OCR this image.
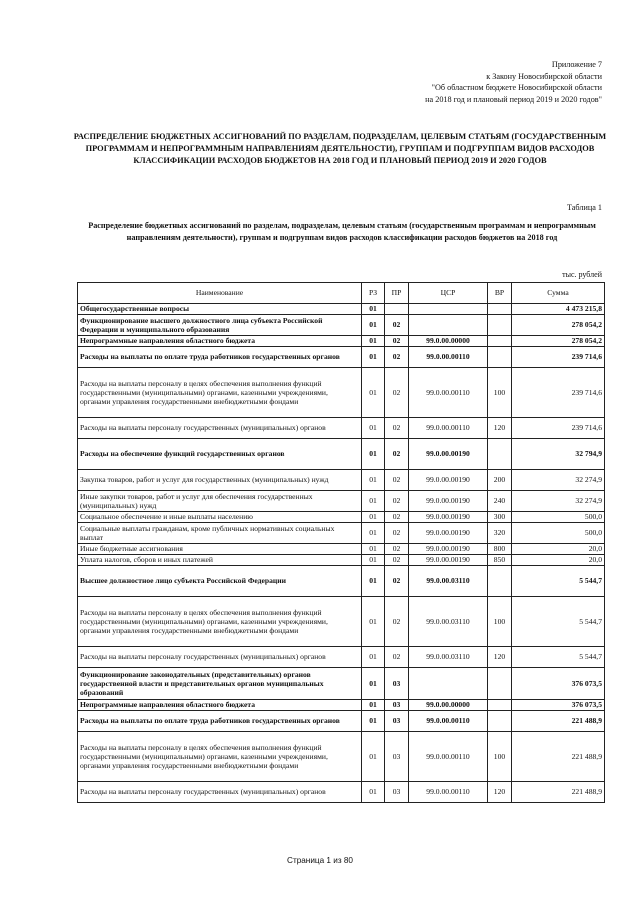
Приложение 7
к Закону Новосибирской области
"Об областном бюджете Новосибирской области
на 2018 год и плановый период 2019 и 2020 годов"
РАСПРЕДЕЛЕНИЕ БЮДЖЕТНЫХ АССИГНОВАНИЙ ПО РАЗДЕЛАМ, ПОДРАЗДЕЛАМ, ЦЕЛЕВЫМ СТАТЬЯМ (ГОСУДАРСТВЕННЫМ ПРОГРАММАМ И НЕПРОГРАММНЫМ НАПРАВЛЕНИЯМ ДЕЯТЕЛЬНОСТИ), ГРУППАМ И ПОДГРУППАМ ВИДОВ РАСХОДОВ КЛАССИФИКАЦИИ РАСХОДОВ БЮДЖЕТОВ НА 2018 ГОД И ПЛАНОВЫЙ ПЕРИОД 2019 И 2020 ГОДОВ
Таблица 1
Распределение бюджетных ассигнований по разделам, подразделам, целевым статьям (государственным программам и непрограммным направлениям деятельности), группам и подгруппам видов расходов классификации расходов бюджетов на 2018 год
тыс. рублей
Наименование	РЗ	ПР	ЦСР	ВР	Сумма
Общегосударственные вопросы	01				4 473 215,8
Функционирование высшего должностного лица субъекта Российской Федерации и муниципального образования	01	02			278 054,2
Непрограммные направления областного бюджета	01	02	99.0.00.00000		278 054,2
Расходы на выплаты по оплате труда работников государственных органов	01	02	99.0.00.00110		239 714,6
Расходы на выплаты персоналу в целях обеспечения выполнения функций государственными (муниципальными) органами, казенными учреждениями, органами управления государственными внебюджетными фондами	01	02	99.0.00.00110	100	239 714,6
Расходы на выплаты персоналу государственных (муниципальных) органов	01	02	99.0.00.00110	120	239 714,6
Расходы на обеспечение функций государственных органов	01	02	99.0.00.00190		32 794,9
Закупка товаров, работ и услуг для государственных (муниципальных) нужд	01	02	99.0.00.00190	200	32 274,9
Иные закупки товаров, работ и услуг для обеспечения государственных (муниципальных) нужд	01	02	99.0.00.00190	240	32 274,9
Социальное обеспечение и иные выплаты населению	01	02	99.0.00.00190	300	500,0
Социальные выплаты гражданам, кроме публичных нормативных социальных выплат	01	02	99.0.00.00190	320	500,0
Иные бюджетные ассигнования	01	02	99.0.00.00190	800	20,0
Уплата налогов, сборов и иных платежей	01	02	99.0.00.00190	850	20,0
Высшее должностное лицо субъекта Российской Федерации	01	02	99.0.00.03110		5 544,7
Расходы на выплаты персоналу в целях обеспечения выполнения функций государственными (муниципальными) органами, казенными учреждениями, органами управления государственными внебюджетными фондами	01	02	99.0.00.03110	100	5 544,7
Расходы на выплаты персоналу государственных (муниципальных) органов	01	02	99.0.00.03110	120	5 544,7
Функционирование законодательных (представительных) органов государственной власти и представительных органов муниципальных образований	01	03			376 073,5
Непрограммные направления областного бюджета	01	03	99.0.00.00000		376 073,5
Расходы на выплаты по оплате труда работников государственных органов	01	03	99.0.00.00110		221 488,9
Расходы на выплаты персоналу в целях обеспечения выполнения функций государственными (муниципальными) органами, казенными учреждениями, органами управления государственными внебюджетными фондами	01	03	99.0.00.00110	100	221 488,9
Расходы на выплаты персоналу государственных (муниципальных) органов	01	03	99.0.00.00110	120	221 488,9
Страница 1 из 80
